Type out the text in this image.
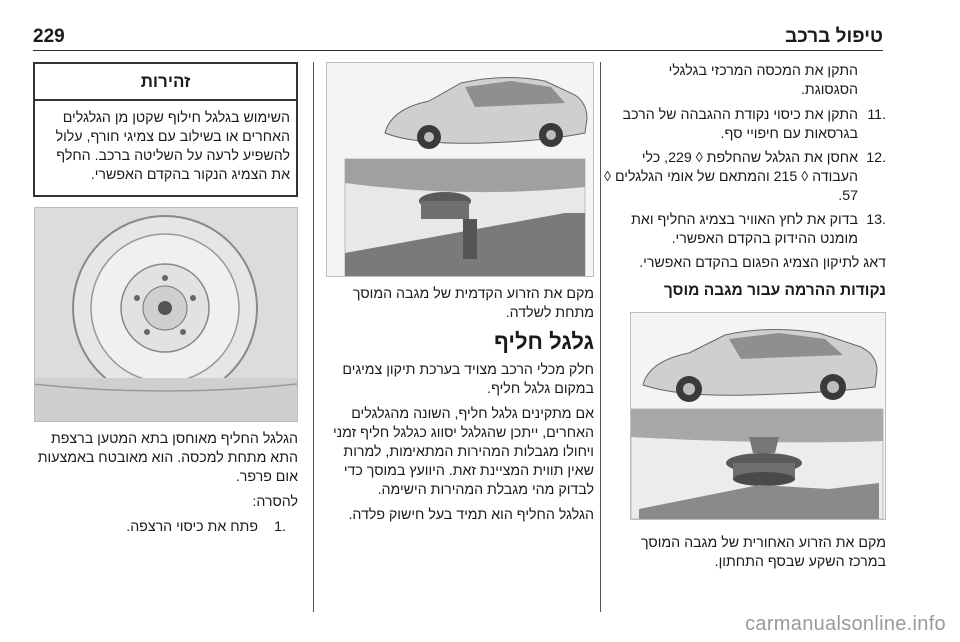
229	טיפול ברכב
התקן את המכסה המרכזי בגלגלי
הסגסוגת.
11.
התקן את כיסוי נקודת ההגבהה של הרכב בגרסאות עם חיפויי סף.
12.
אחסן את הגלגל שהחלפת ◊ 229, כלי העבודה ◊ 215 והמתאם של אומי הגלגלים ◊ 57.
13.
בדוק את לחץ האוויר בצמיג החליף ואת מומנט ההידוק בהקדם האפשרי.

דאג לתיקון הצמיג הפגום בהקדם האפשרי.

נקודות ההרמה עבור מגבה מוסך

מקם את הזרוע האחורית של מגבה המוסך במרכז השקע שבסף התחתון.

מקם את הזרוע הקדמית של מגבה המוסך מתחת לשלדה.

גלגל חליף

חלק מכלי הרכב מצויד בערכת תיקון צמיגים במקום גלגל חליף.

אם מתקינים גלגל חליף, השונה מהגלגלים האחרים, ייתכן שהגלגל יסווג כגלגל חליף זמני ויחולו מגבלות המהירות המתאימות, למרות שאין תווית המציינת זאת. היוועץ במוסך כדי לבדוק מהי מגבלת המהירות הישימה.

הגלגל החליף הוא תמיד בעל חישוק פלדה.

זהירות
השימוש בגלגל חילוף שקטן מן הגלגלים האחרים או בשילוב עם צמיגי חורף, עלול להשפיע לרעה על השליטה ברכב. החלף את הצמיג הנקור בהקדם האפשרי.

הגלגל החליף מאוחסן בתא המטען ברצפת התא מתחת למכסה. הוא מאובטח באמצעות אום פרפר.

להסרה:

1.
פתח את כיסוי הרצפה.
carmanualsonline.info
